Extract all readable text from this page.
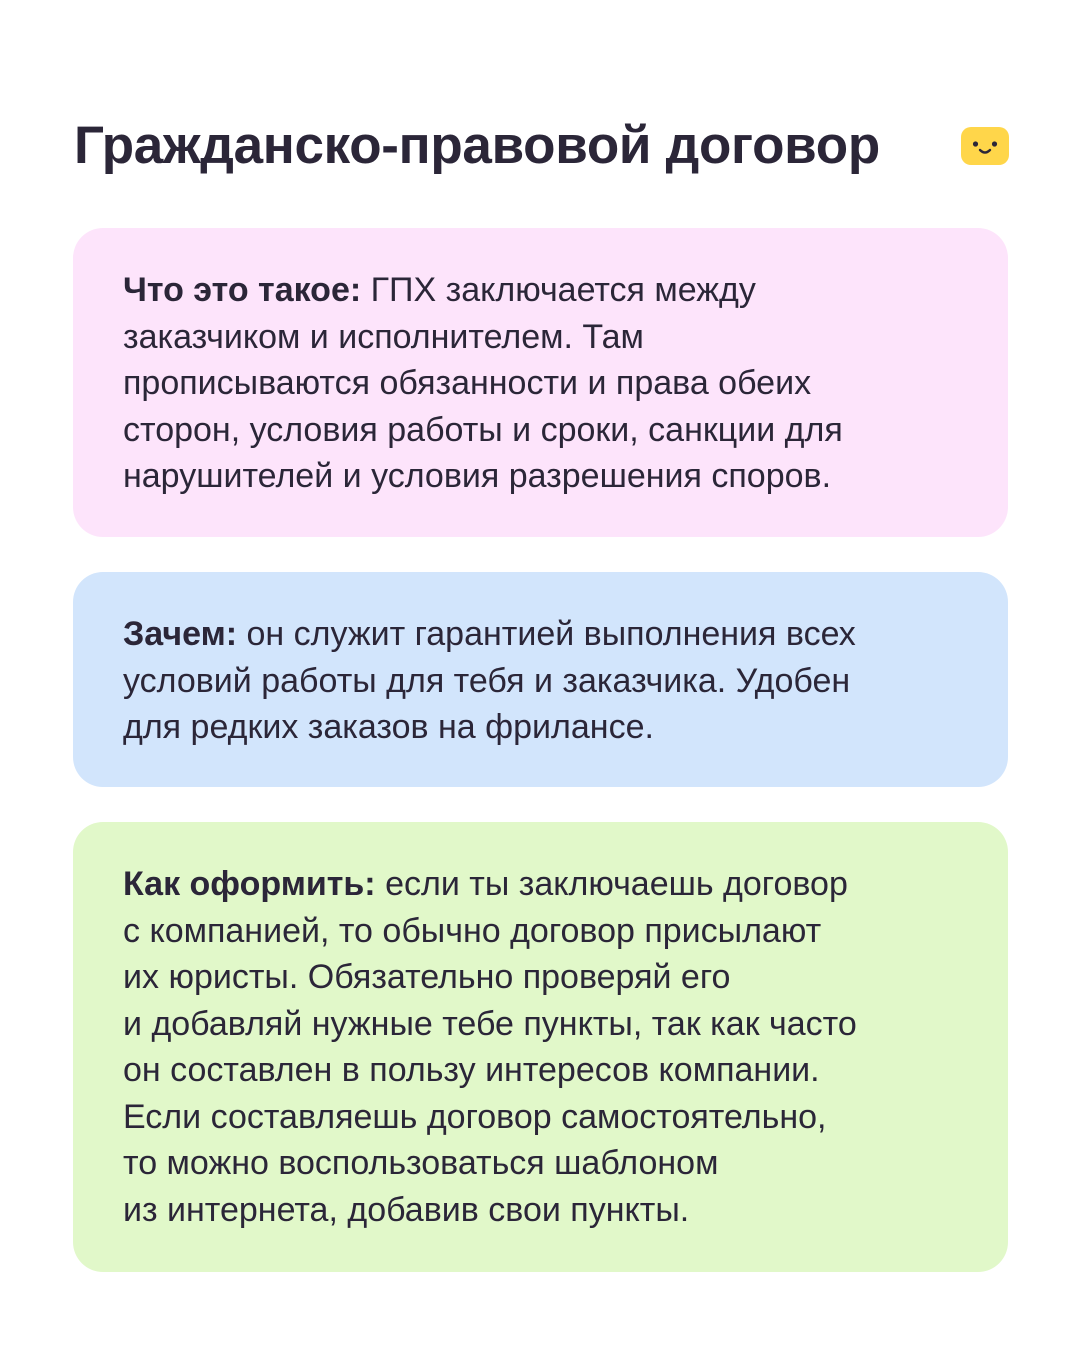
Гражданско-правовой договор
Что это такое: ГПХ заключается между
заказчиком и исполнителем. Там
прописываются обязанности и права обеих
сторон, условия работы и сроки, санкции для
нарушителей и условия разрешения споров.
Зачем: он служит гарантией выполнения всех
условий работы для тебя и заказчика. Удобен
для редких заказов на фрилансе.
Как оформить: если ты заключаешь договор
с компанией, то обычно договор присылают
их юристы. Обязательно проверяй его
и добавляй нужные тебе пункты, так как часто
он составлен в пользу интересов компании.
Если составляешь договор самостоятельно,
то можно воспользоваться шаблоном
из интернета, добавив свои пункты.
